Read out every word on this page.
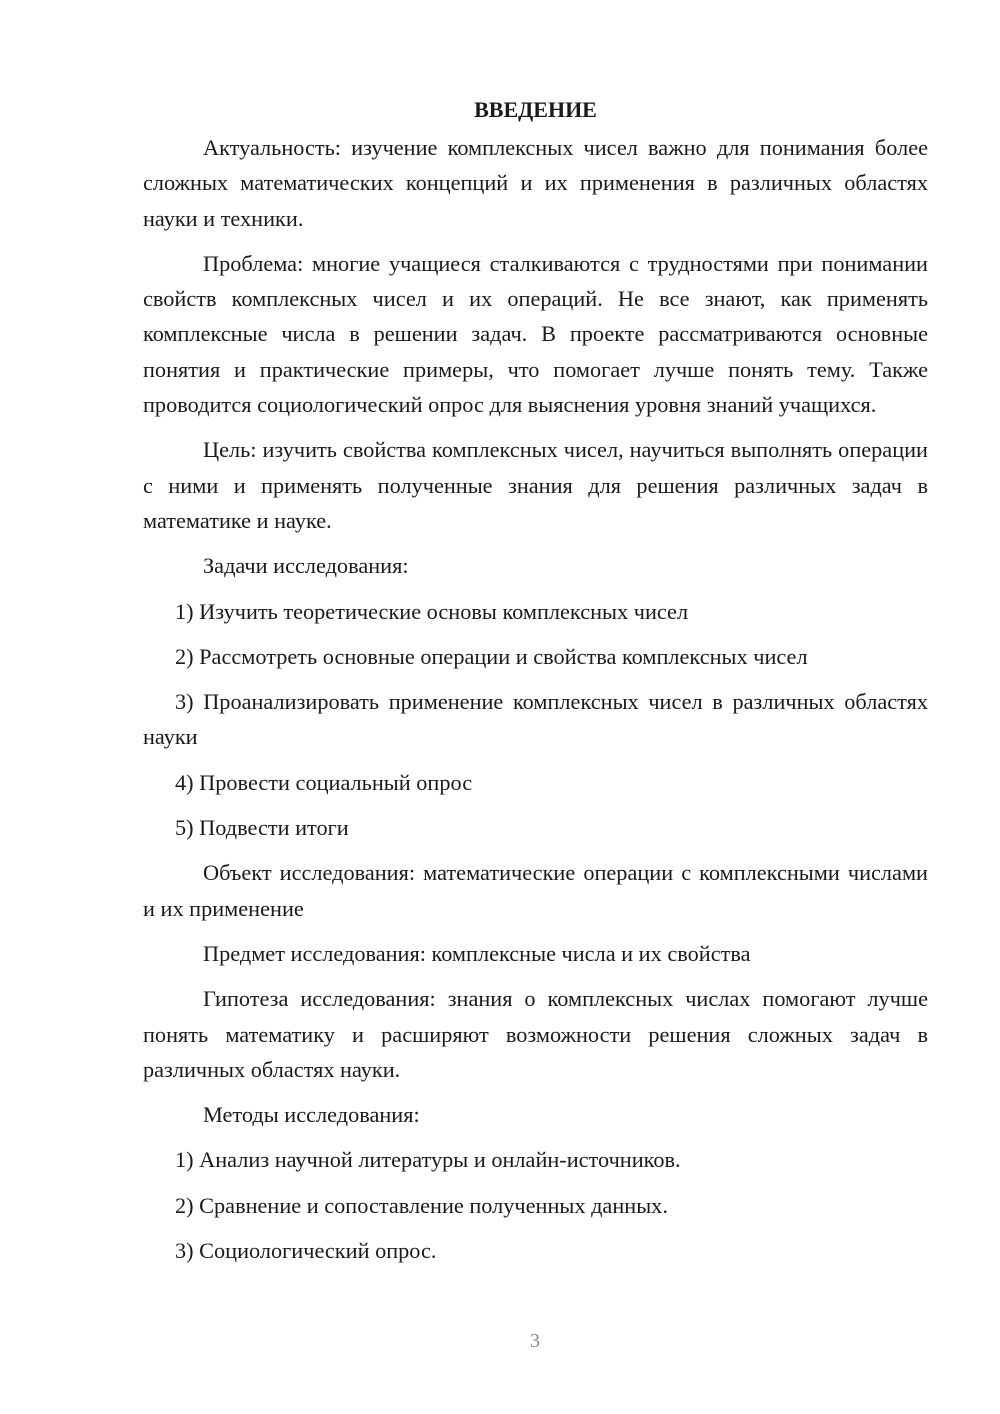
ВВЕДЕНИЕ

Актуальность: изучение комплексных чисел важно для понимания более сложных математических концепций и их применения в различных областях науки и техники.

Проблема: многие учащиеся сталкиваются с трудностями при понимании свойств комплексных чисел и их операций. Не все знают, как применять комплексные числа в решении задач. В проекте рассматриваются основные понятия и практические примеры, что помогает лучше понять тему. Также проводится социологический опрос для выяснения уровня знаний учащихся.

Цель: изучить свойства комплексных чисел, научиться выполнять операции с ними и применять полученные знания для решения различных задач в математике и науке.

Задачи исследования:

1) Изучить теоретические основы комплексных чисел

2) Рассмотреть основные операции и свойства комплексных чисел

3) Проанализировать применение комплексных чисел в различных областях науки

4) Провести социальный опрос

5) Подвести итоги

Объект исследования: математические операции с комплексными числами и их применение

Предмет исследования: комплексные числа и их свойства

Гипотеза исследования: знания о комплексных числах помогают лучше понять математику и расширяют возможности решения сложных задач в различных областях науки.

Методы исследования:

1) Анализ научной литературы и онлайн-источников.

2) Сравнение и сопоставление полученных данных.

3) Социологический опрос.

3
